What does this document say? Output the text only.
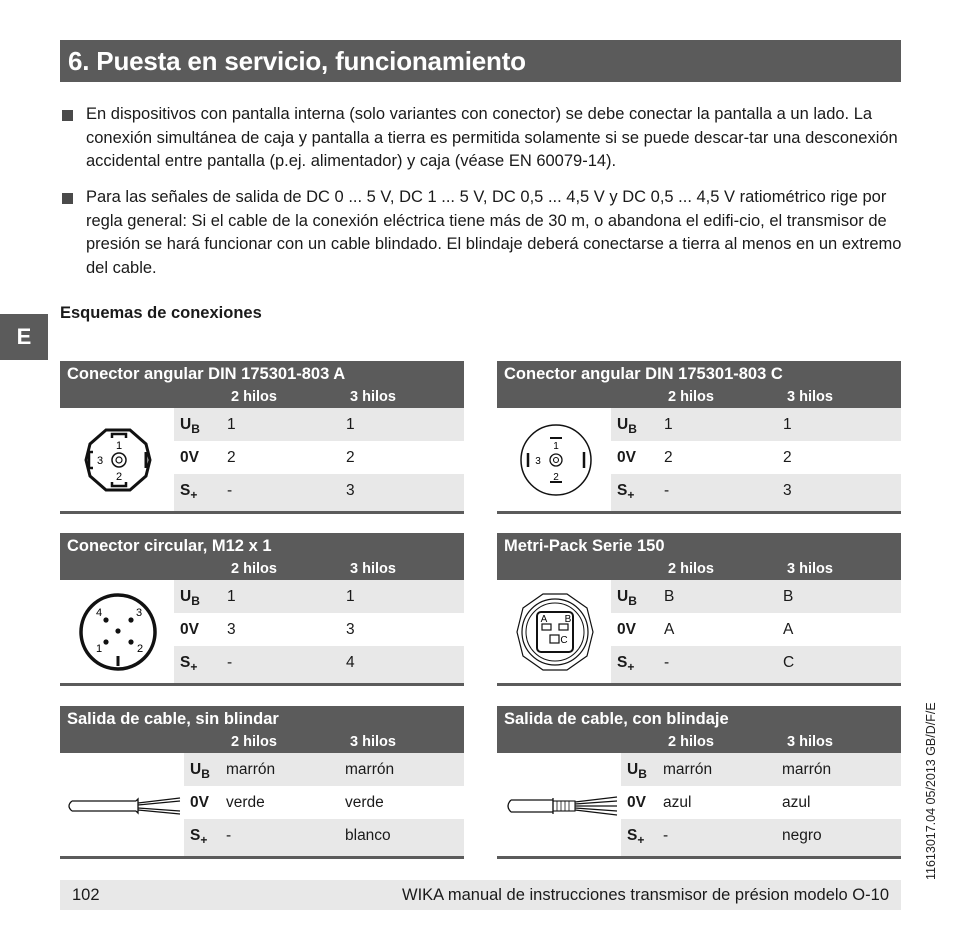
6. Puesta en servicio, funcionamiento

En dispositivos con pantalla interna (solo variantes con conector) se debe conectar la pantalla a un lado. La conexión simultánea de caja y pantalla a tierra es permitida solamente si se puede descar-tar una desconexión accidental entre pantalla (p.ej. alimentador) y caja (véase EN 60079-14).

Para las señales de salida de DC 0 ... 5 V, DC 1 ... 5 V, DC 0,5 ... 4,5 V y DC 0,5 ... 4,5 V ratiométrico rige por regla general: Si el cable de la conexión eléctrica tiene más de 30 m, o abandona el edifi-cio, el transmisor de presión se hará funcionar con un cable blindado. El blindaje deberá conectarse a tierra al menos en un extremo del cable.

Esquemas de conexiones
E
Conector angular DIN 175301-803 A
2 hilos	3 hilos
1
2
3
$U_B$ 1	1
0V 2	2
$S_+$ -	3
Conector angular DIN 175301-803 C
2 hilos	3 hilos
1
2
3
$U_B$ 1	1
0V 2	2
$S_+$ -	3
Conector circular, M12 x 1
2 hilos	3 hilos
4	3
1	2
$U_B$ 1	1
0V 3	3
$S_+$ -	4
Metri-Pack Serie 150
2 hilos	3 hilos
A B
C
$U_B$ B	B
0V A	A
$S_+$ -	C
Salida de cable, sin blindar
2 hilos	3 hilos
$U_B$ marrón	marrón
0V verde	verde
$S_+$ -	blanco
Salida de cable, con blindaje
2 hilos	3 hilos
$U_B$ marrón	marrón
0V azul	azul
$S_+$ -	negro	11613017.04 05/2013 GB/D/F/E
102	WIKA manual de instrucciones transmisor de présion modelo O-10
